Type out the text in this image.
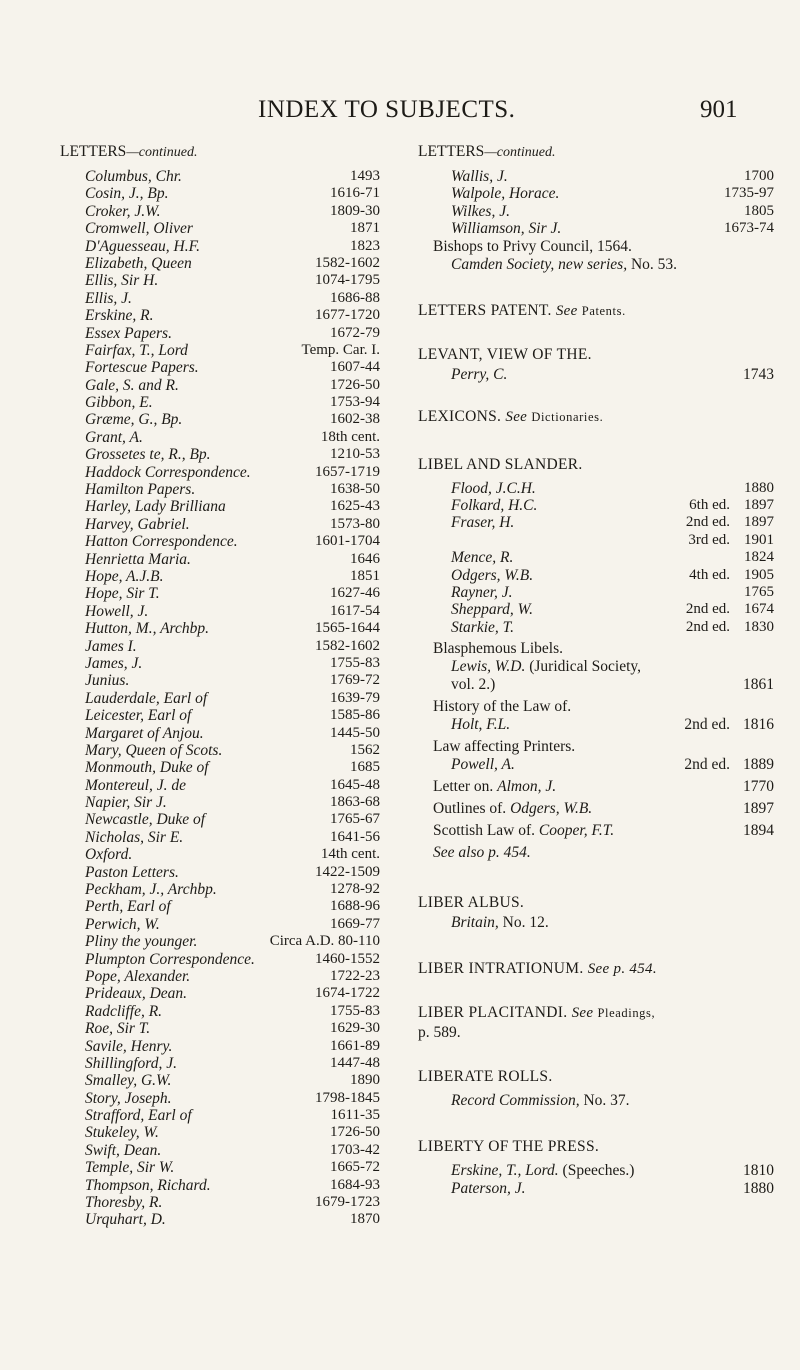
INDEX TO SUBJECTS.	901
LETTERS—continued.
Columbus, Chr.	1493
Cosin, J., Bp.	1616-71
Croker, J.W.	1809-30
Cromwell, Oliver	1871
D'Aguesseau, H.F.	1823
Elizabeth, Queen	1582-1602
Ellis, Sir H.	1074-1795
Ellis, J.	1686-88
Erskine, R.	1677-1720
Essex Papers.	1672-79
Fairfax, T., Lord	Temp. Car. I.
Fortescue Papers.	1607-44
Gale, S. and R.	1726-50
Gibbon, E.	1753-94
Græme, G., Bp.	1602-38
Grant, A.	18th cent.
Grossetes te, R., Bp.	1210-53
Haddock Correspondence.	1657-1719
Hamilton Papers.	1638-50
Harley, Lady Brilliana	1625-43
Harvey, Gabriel.	1573-80
Hatton Correspondence.	1601-1704
Henrietta Maria.	1646
Hope, A.J.B.	1851
Hope, Sir T.	1627-46
Howell, J.	1617-54
Hutton, M., Archbp.	1565-1644
James I.	1582-1602
James, J.	1755-83
Junius.	1769-72
Lauderdale, Earl of	1639-79
Leicester, Earl of	1585-86
Margaret of Anjou.	1445-50
Mary, Queen of Scots.	1562
Monmouth, Duke of	1685
Montereul, J. de	1645-48
Napier, Sir J.	1863-68
Newcastle, Duke of	1765-67
Nicholas, Sir E.	1641-56
Oxford.	14th cent.
Paston Letters.	1422-1509
Peckham, J., Archbp.	1278-92
Perth, Earl of	1688-96
Perwich, W.	1669-77
Pliny the younger.	Circa A.D. 80-110
Plumpton Correspondence.	1460-1552
Pope, Alexander.	1722-23
Prideaux, Dean.	1674-1722
Radcliffe, R.	1755-83
Roe, Sir T.	1629-30
Savile, Henry.	1661-89
Shillingford, J.	1447-48
Smalley, G.W.	1890
Story, Joseph.	1798-1845
Strafford, Earl of	1611-35
Stukeley, W.	1726-50
Swift, Dean.	1703-42
Temple, Sir W.	1665-72
Thompson, Richard.	1684-93
Thoresby, R.	1679-1723
Urquhart, D.	1870
LETTERS—continued.
Wallis, J.	1700
Walpole, Horace.	1735-97
Wilkes, J.	1805
Williamson, Sir J.	1673-74
Bishops to Privy Council, 1564.
Camden Society, new series, No. 53.
LETTERS PATENT. See Patents.
LEVANT, VIEW OF THE.
Perry, C.	1743
LEXICONS. See Dictionaries.
LIBEL AND SLANDER.
Flood, J.C.H.	1880
Folkard, H.C.	6th ed. 1897
Fraser, H.	2nd ed. 1897
3rd ed. 1901
Mence, R.	1824
Odgers, W.B.	4th ed. 1905
Rayner, J.	1765
Sheppard, W.	2nd ed. 1674
Starkie, T.	2nd ed. 1830
Blasphemous Libels.
Lewis, W.D. (Juridical Society,
vol. 2.)	1861
History of the Law of.
Holt, F.L.	2nd ed. 1816
Law affecting Printers.
Powell, A.	2nd ed. 1889
Letter on. Almon, J.	1770
Outlines of. Odgers, W.B.	1897
Scottish Law of. Cooper, F.T.	1894
See also p. 454.
LIBER ALBUS.
Britain, No. 12.
LIBER INTRATIONUM. See p. 454.
LIBER PLACITANDI. See Pleadings,
p. 589.
LIBERATE ROLLS.
Record Commission, No. 37.
LIBERTY OF THE PRESS.
Erskine, T., Lord. (Speeches.)	1810
Paterson, J.	1880
